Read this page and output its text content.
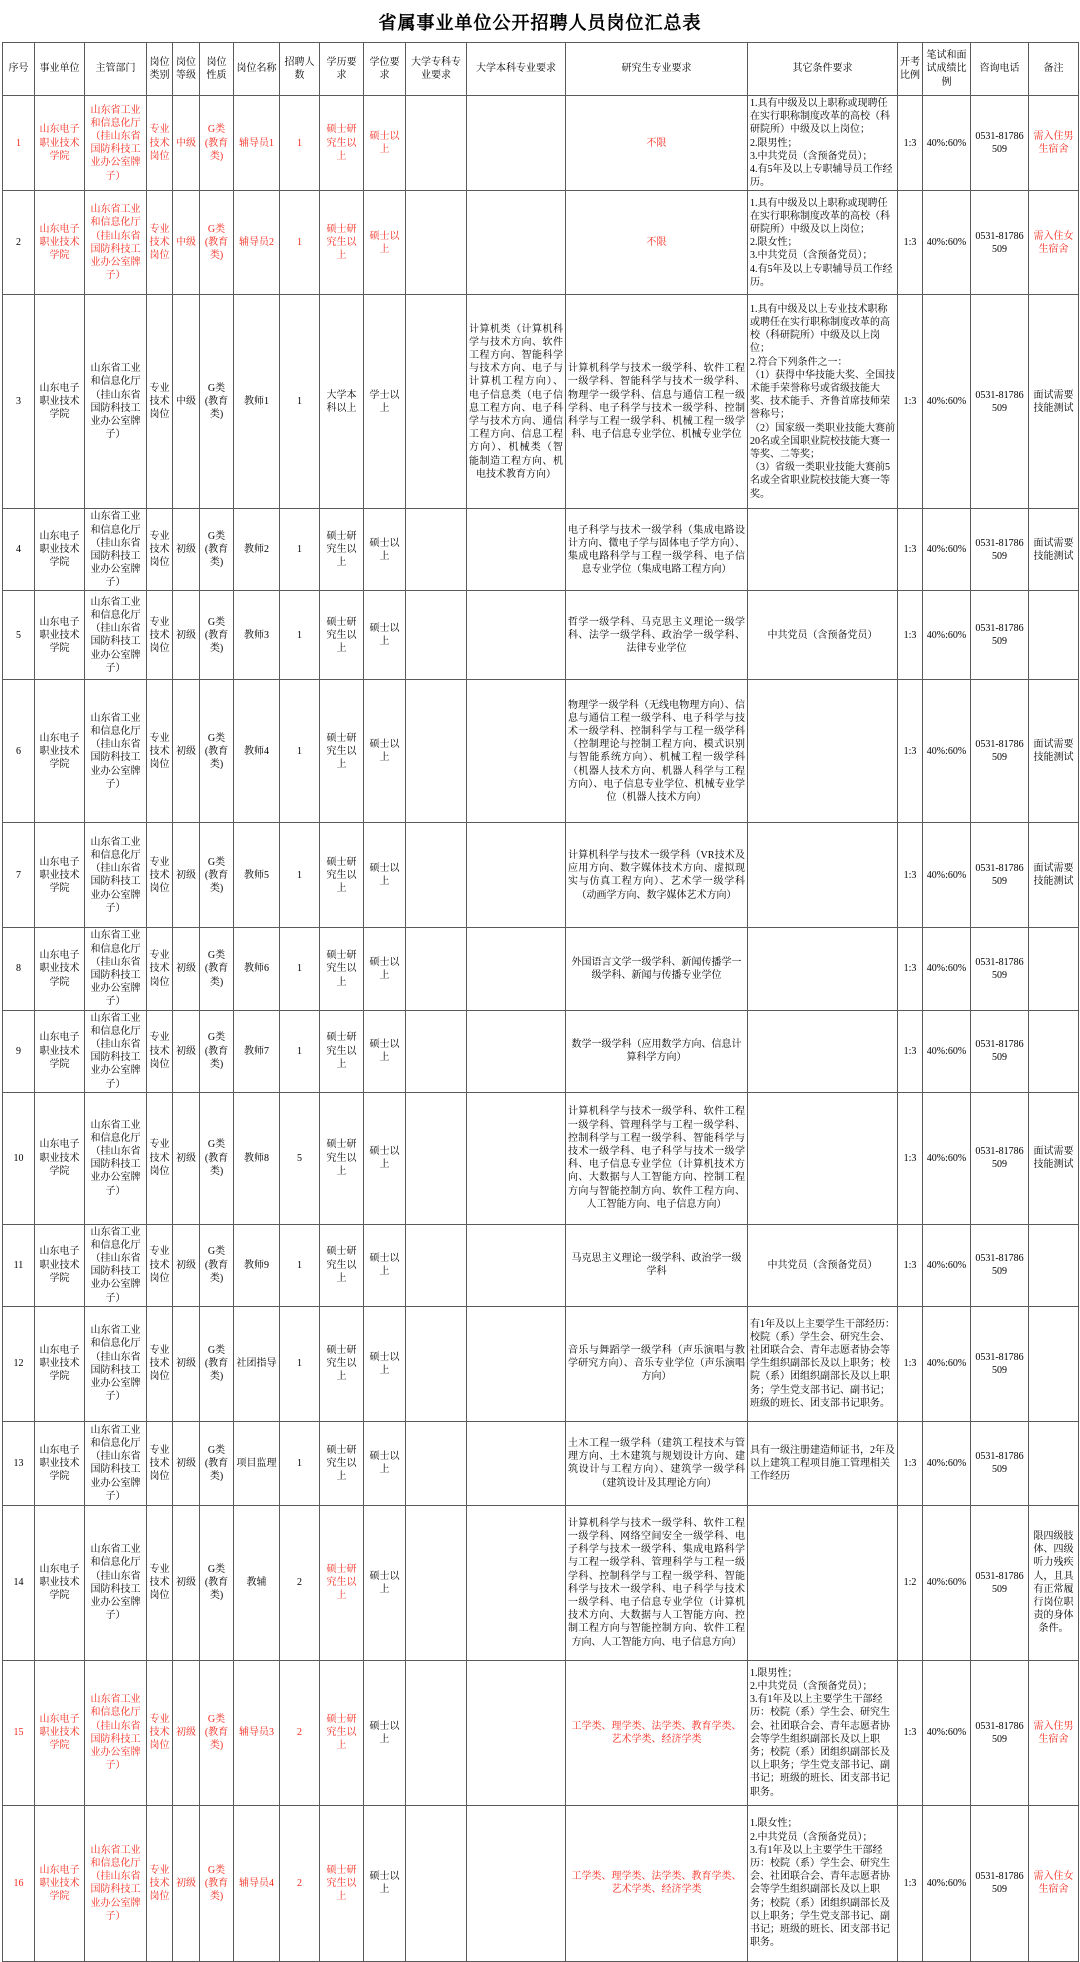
省属事业单位公开招聘人员岗位汇总表
序号	事业单位	主管部门	岗位类别	岗位等级	岗位性质	岗位名称	招聘人数	学历要求	学位要求	大学专科专业要求	大学本科专业要求	研究生专业要求	其它条件要求	开考比例	笔试和面试成绩比例	咨询电话	备注
1	山东电子职业技术学院	山东省工业和信息化厅（挂山东省国防科技工业办公室牌子）	专业技术岗位	中级	G类(教育类)	辅导员1	1	硕士研究生以上	硕士以上			不限	1.具有中级及以上职称或现聘任在实行职称制度改革的高校（科研院所）中级及以上岗位；
2.限男性；
3.中共党员（含预备党员）；
4.有5年及以上专职辅导员工作经历。	1:3	40%:60%	0531-81786509	需入住男生宿舍
2	山东电子职业技术学院	山东省工业和信息化厅（挂山东省国防科技工业办公室牌子）	专业技术岗位	中级	G类(教育类)	辅导员2	1	硕士研究生以上	硕士以上			不限	1.具有中级及以上职称或现聘任在实行职称制度改革的高校（科研院所）中级及以上岗位；
2.限女性；
3.中共党员（含预备党员）；
4.有5年及以上专职辅导员工作经历。	1:3	40%:60%	0531-81786509	需入住女生宿舍
3	山东电子职业技术学院	山东省工业和信息化厅（挂山东省国防科技工业办公室牌子）	专业技术岗位	中级	G类(教育类)	教师1	1	大学本科以上	学士以上		计算机类（计算机科学与技术方向、软件工程方向、智能科学与技术方向、电子与计算机工程方向）、电子信息类（电子信息工程方向、电子科学与技术方向、通信工程方向、信息工程方向）、机械类（智能制造工程方向、机电技术教育方向）	计算机科学与技术一级学科、软件工程一级学科、智能科学与技术一级学科、物理学一级学科、信息与通信工程一级学科、电子科学与技术一级学科、控制科学与工程一级学科、机械工程一级学科、电子信息专业学位、机械专业学位	1.具有中级及以上专业技术职称或聘任在实行职称制度改革的高校（科研院所）中级及以上岗位；
2.符合下列条件之一：
（1）获得中华技能大奖、全国技术能手荣誉称号或省级技能大奖、技术能手、齐鲁首席技师荣誉称号；
（2）国家级一类职业技能大赛前20名或全国职业院校技能大赛一等奖、二等奖；
（3）省级一类职业技能大赛前5名或全省职业院校技能大赛一等奖。	1:3	40%:60%	0531-81786509	面试需要技能测试
4	山东电子职业技术学院	山东省工业和信息化厅（挂山东省国防科技工业办公室牌子）	专业技术岗位	初级	G类(教育类)	教师2	1	硕士研究生以上	硕士以上			电子科学与技术一级学科（集成电路设计方向、微电子学与固体电子学方向）、集成电路科学与工程一级学科、电子信息专业学位（集成电路工程方向）		1:3	40%:60%	0531-81786509	面试需要技能测试
5	山东电子职业技术学院	山东省工业和信息化厅（挂山东省国防科技工业办公室牌子）	专业技术岗位	初级	G类(教育类)	教师3	1	硕士研究生以上	硕士以上			哲学一级学科、马克思主义理论一级学科、法学一级学科、政治学一级学科、法律专业学位	中共党员（含预备党员）	1:3	40%:60%	0531-81786509	
6	山东电子职业技术学院	山东省工业和信息化厅（挂山东省国防科技工业办公室牌子）	专业技术岗位	初级	G类(教育类)	教师4	1	硕士研究生以上	硕士以上			物理学一级学科（无线电物理方向）、信息与通信工程一级学科、电子科学与技术一级学科、控制科学与工程一级学科（控制理论与控制工程方向、模式识别与智能系统方向）、机械工程一级学科（机器人技术方向、机器人科学与工程方向）、电子信息专业学位、机械专业学位（机器人技术方向）		1:3	40%:60%	0531-81786509	面试需要技能测试
7	山东电子职业技术学院	山东省工业和信息化厅（挂山东省国防科技工业办公室牌子）	专业技术岗位	初级	G类(教育类)	教师5	1	硕士研究生以上	硕士以上			计算机科学与技术一级学科（VR技术及应用方向、数字媒体技术方向、虚拟现实与仿真工程方向）、艺术学一级学科（动画学方向、数字媒体艺术方向）		1:3	40%:60%	0531-81786509	面试需要技能测试
8	山东电子职业技术学院	山东省工业和信息化厅（挂山东省国防科技工业办公室牌子）	专业技术岗位	初级	G类(教育类)	教师6	1	硕士研究生以上	硕士以上			外国语言文学一级学科、新闻传播学一级学科、新闻与传播专业学位		1:3	40%:60%	0531-81786509	
9	山东电子职业技术学院	山东省工业和信息化厅（挂山东省国防科技工业办公室牌子）	专业技术岗位	初级	G类(教育类)	教师7	1	硕士研究生以上	硕士以上			数学一级学科（应用数学方向、信息计算科学方向）		1:3	40%:60%	0531-81786509	
10	山东电子职业技术学院	山东省工业和信息化厅（挂山东省国防科技工业办公室牌子）	专业技术岗位	初级	G类(教育类)	教师8	5	硕士研究生以上	硕士以上			计算机科学与技术一级学科、软件工程一级学科、管理科学与工程一级学科、控制科学与工程一级学科、智能科学与技术一级学科、电子科学与技术一级学科、电子信息专业学位（计算机技术方向、大数据与人工智能方向、控制工程方向与智能控制方向、软件工程方向、人工智能方向、电子信息方向）		1:3	40%:60%	0531-81786509	面试需要技能测试
11	山东电子职业技术学院	山东省工业和信息化厅（挂山东省国防科技工业办公室牌子）	专业技术岗位	初级	G类(教育类)	教师9	1	硕士研究生以上	硕士以上			马克思主义理论一级学科、政治学一级学科	中共党员（含预备党员）	1:3	40%:60%	0531-81786509	
12	山东电子职业技术学院	山东省工业和信息化厅（挂山东省国防科技工业办公室牌子）	专业技术岗位	初级	G类(教育类)	社团指导	1	硕士研究生以上	硕士以上			音乐与舞蹈学一级学科（声乐演唱与教学研究方向）、音乐专业学位（声乐演唱方向）	有1年及以上主要学生干部经历：校院（系）学生会、研究生会、社团联合会、青年志愿者协会等学生组织副部长及以上职务；校院（系）团组织副部长及以上职务；学生党支部书记、副书记；班级的班长、团支部书记职务。	1:3	40%:60%	0531-81786509	
13	山东电子职业技术学院	山东省工业和信息化厅（挂山东省国防科技工业办公室牌子）	专业技术岗位	初级	G类(教育类)	项目监理	1	硕士研究生以上	硕士以上			土木工程一级学科（建筑工程技术与管理方向、土木建筑与规划设计方向、建筑设计与工程方向）、建筑学一级学科（建筑设计及其理论方向）	具有一级注册建造师证书，2年及以上建筑工程项目施工管理相关工作经历	1:3	40%:60%	0531-81786509	
14	山东电子职业技术学院	山东省工业和信息化厅（挂山东省国防科技工业办公室牌子）	专业技术岗位	初级	G类(教育类)	教辅	2	硕士研究生以上	硕士以上			计算机科学与技术一级学科、软件工程一级学科、网络空间安全一级学科、电子科学与技术一级学科、集成电路科学与工程一级学科、管理科学与工程一级学科、控制科学与工程一级学科、智能科学与技术一级学科、电子科学与技术一级学科、电子信息专业学位（计算机技术方向、大数据与人工智能方向、控制工程方向与智能控制方向、软件工程方向、人工智能方向、电子信息方向）		1:2	40%:60%	0531-81786509	限四级肢体、四级听力残疾人，且具有正常履行岗位职责的身体条件。
15	山东电子职业技术学院	山东省工业和信息化厅（挂山东省国防科技工业办公室牌子）	专业技术岗位	初级	G类(教育类)	辅导员3	2	硕士研究生以上	硕士以上			工学类、理学类、法学类、教育学类、艺术学类、经济学类	1.限男性；
2.中共党员（含预备党员）；
3.有1年及以上主要学生干部经历：校院（系）学生会、研究生会、社团联合会、青年志愿者协会等学生组织副部长及以上职务；校院（系）团组织副部长及以上职务；学生党支部书记、副书记；班级的班长、团支部书记职务。	1:3	40%:60%	0531-81786509	需入住男生宿舍
16	山东电子职业技术学院	山东省工业和信息化厅（挂山东省国防科技工业办公室牌子）	专业技术岗位	初级	G类(教育类)	辅导员4	2	硕士研究生以上	硕士以上			工学类、理学类、法学类、教育学类、艺术学类、经济学类	1.限女性；
2.中共党员（含预备党员）；
3.有1年及以上主要学生干部经历：校院（系）学生会、研究生会、社团联合会、青年志愿者协会等学生组织副部长及以上职务；校院（系）团组织副部长及以上职务；学生党支部书记、副书记；班级的班长、团支部书记职务。	1:3	40%:60%	0531-81786509	需入住女生宿舍
